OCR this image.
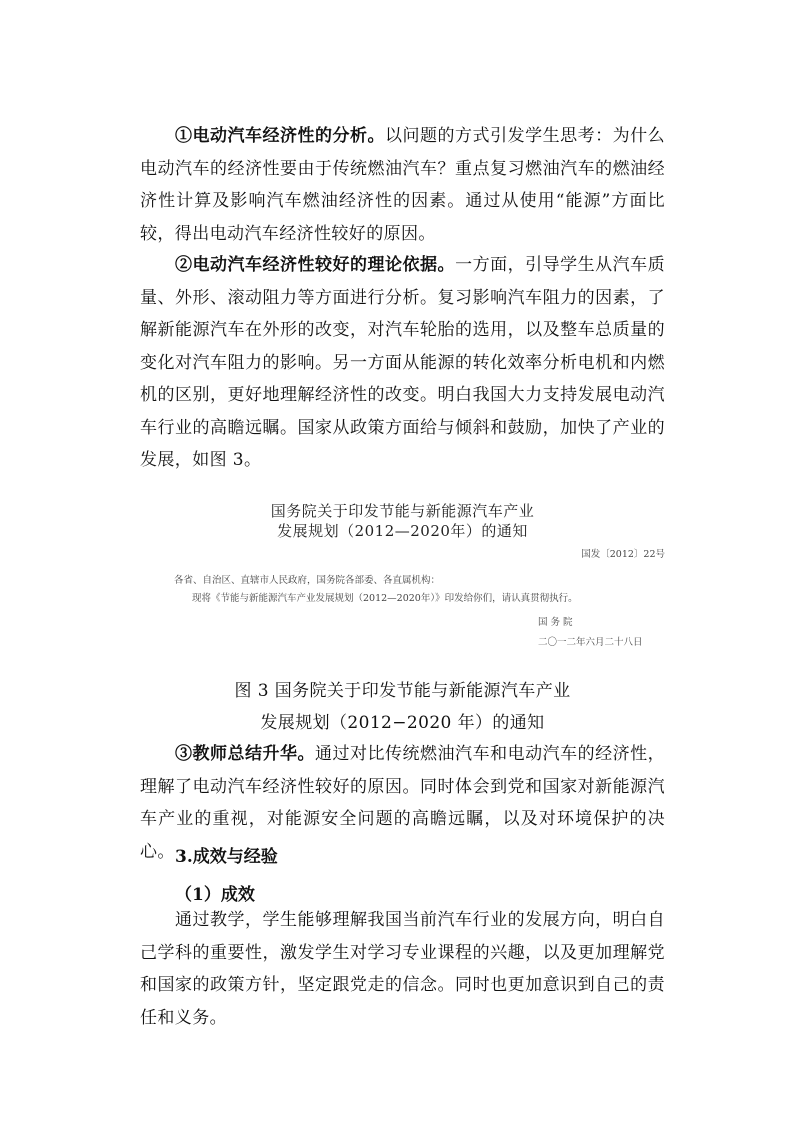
①电动汽车经济性的分析。以问题的方式引发学生思考：为什么电动汽车的经济性要由于传统燃油汽车？重点复习燃油汽车的燃油经济性计算及影响汽车燃油经济性的因素。通过从使用“能源”方面比较，得出电动汽车经济性较好的原因。

②电动汽车经济性较好的理论依据。一方面，引导学生从汽车质量、外形、滚动阻力等方面进行分析。复习影响汽车阻力的因素，了解新能源汽车在外形的改变，对汽车轮胎的选用，以及整车总质量的变化对汽车阻力的影响。另一方面从能源的转化效率分析电机和内燃机的区别，更好地理解经济性的改变。明白我国大力支持发展电动汽车行业的高瞻远瞩。国家从政策方面给与倾斜和鼓励，加快了产业的发展，如图 3。

国务院关于印发节能与新能源汽车产业
发展规划（2012—2020年）的通知
国发〔2012〕22号
各省、自治区、直辖市人民政府，国务院各部委、各直属机构：
现将《节能与新能源汽车产业发展规划（2012—2020年）》印发给你们，请认真贯彻执行。
国 务 院
二〇一二年六月二十八日

图 3 国务院关于印发节能与新能源汽车产业

发展规划（2012−2020 年）的通知

③教师总结升华。通过对比传统燃油汽车和电动汽车的经济性，理解了电动汽车经济性较好的原因。同时体会到党和国家对新能源汽车产业的重视，对能源安全问题的高瞻远瞩，以及对环境保护的决心。 3.成效与经验

（1）成效

通过教学，学生能够理解我国当前汽车行业的发展方向，明白自己学科的重要性，激发学生对学习专业课程的兴趣，以及更加理解党和国家的政策方针，坚定跟党走的信念。同时也更加意识到自己的责任和义务。
